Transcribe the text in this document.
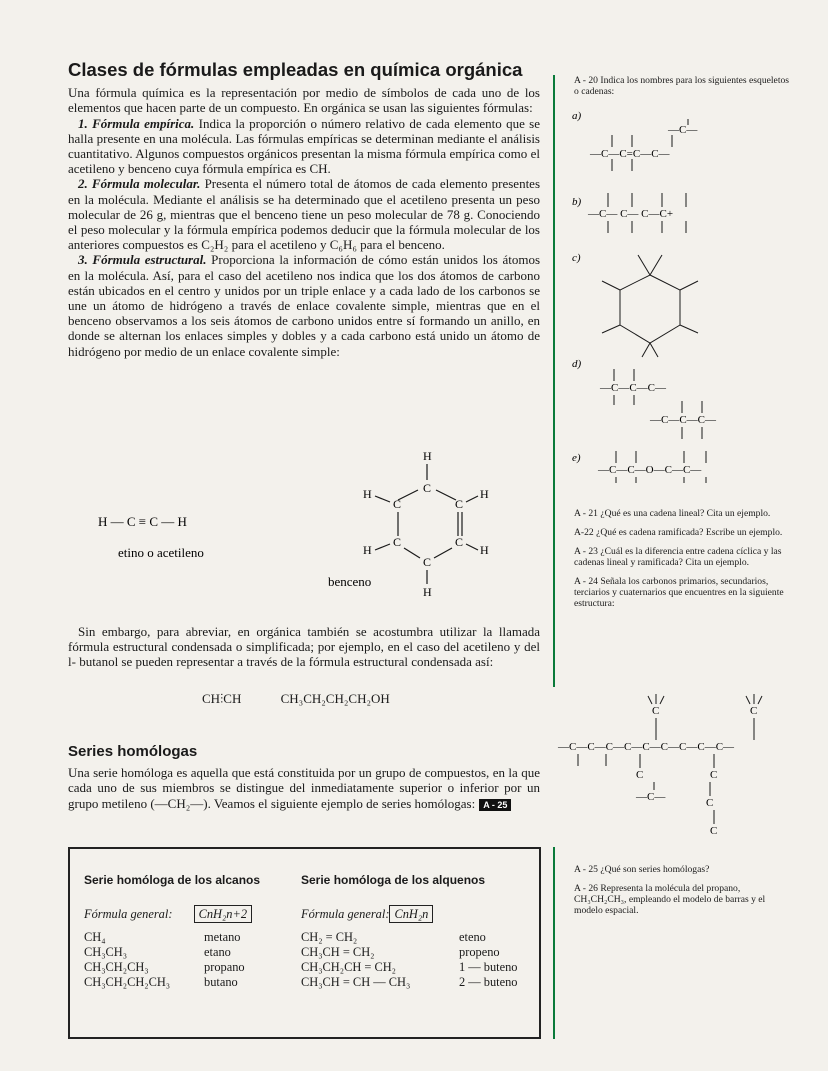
Clases de fórmulas empleadas en química orgánica

Una fórmula química es la representación por medio de símbolos de cada uno de los elementos que hacen parte de un compuesto. En orgánica se usan las siguientes fórmulas:

1. Fórmula empírica. Indica la proporción o número relativo de cada elemento que se halla presente en una molécula. Las fórmulas empíricas se determinan mediante el análisis cuantitativo. Algunos compuestos orgánicos presentan la misma fórmula empírica como el acetileno y benceno cuya fórmula empírica es CH.

2. Fórmula molecular. Presenta el número total de átomos de cada elemento presentes en la molécula. Mediante el análisis se ha determinado que el acetileno presenta un peso molecular de 26 g, mientras que el benceno tiene un peso molecular de 78 g. Conociendo el peso molecular y la fórmula empírica podemos deducir que la fórmula molecular de los anteriores compuestos es C₂H₂ para el acetileno y C₆H₆ para el benceno.

3. Fórmula estructural. Proporciona la información de cómo están unidos los átomos en la molécula. Así, para el caso del acetileno nos indica que los dos átomos de carbono están ubicados en el centro y unidos por un triple enlace y a cada lado de los carbonos se une un átomo de hidrógeno a través de enlace covalente simple, mientras que en el benceno observamos a los seis átomos de carbono unidos entre sí formando un anillo, en donde se alternan los enlaces simples y dobles y a cada carbono está unido un átomo de hidrógeno por medio de un enlace covalente simple:

H — C ≡ C — H
etino o acetileno
H
C
C	C
H	H
C	C
H	H
C
H
benceno

Sin embargo, para abreviar, en orgánica también se acostumbra utilizar la llamada fórmula estructural condensada o simplificada; por ejemplo, en el caso del acetileno y del l- butanol se pueden representar a través de la fórmula estructural condensada así:

CH⫶CH	CH₃CH₂CH₂CH₂OH
Series homólogas

Una serie homóloga es aquella que está constituida por un grupo de compuestos, en la que cada uno de sus miembros se distingue del inmediatamente superior o inferior por un grupo metileno (—CH₂—). Veamos el siguiente ejemplo de series homólogas: A - 25

Serie homóloga de los alcanos
Fórmula general: CnH₂n+2
CH₄	metano
CH₃CH₃	etano
CH₃CH₂CH₃	propano
CH₃CH₂CH₂CH₃	butano
Serie homóloga de los alquenos
Fórmula general: CnH₂n
CH₂ = CH₂	eteno
CH₃CH = CH₂	propeno
CH₃CH₂CH = CH₂	1 — buteno
CH₃CH = CH — CH₃	2 — buteno
A - 20 Indica los nombres para los siguientes esqueletos o cadenas:
a)
—C—C=C—C—
—C—
b)
—C— C— C—C+
c)
d)
—C—C—C—
—C—C—C—
e)
—C—C—O—C—C—
A - 21 ¿Qué es una cadena lineal? Cita un ejemplo.
A-22 ¿Qué es cadena ramificada? Escribe un ejemplo.
A - 23 ¿Cuál es la diferencia entre cadena cíclica y las cadenas lineal y ramificada? Cita un ejemplo.
A - 24 Señala los carbonos primarios, secundarios, terciarios y cuaternarios que encuentres en la siguiente estructura:
—C—C—C—C—C—C—C—C—C—
C	C
C	C
—C—	C
C
A - 25 ¿Qué son series homólogas?
A - 26 Representa la molécula del propano, CH₃CH₂CH₃, empleando el modelo de barras y el modelo espacial.
